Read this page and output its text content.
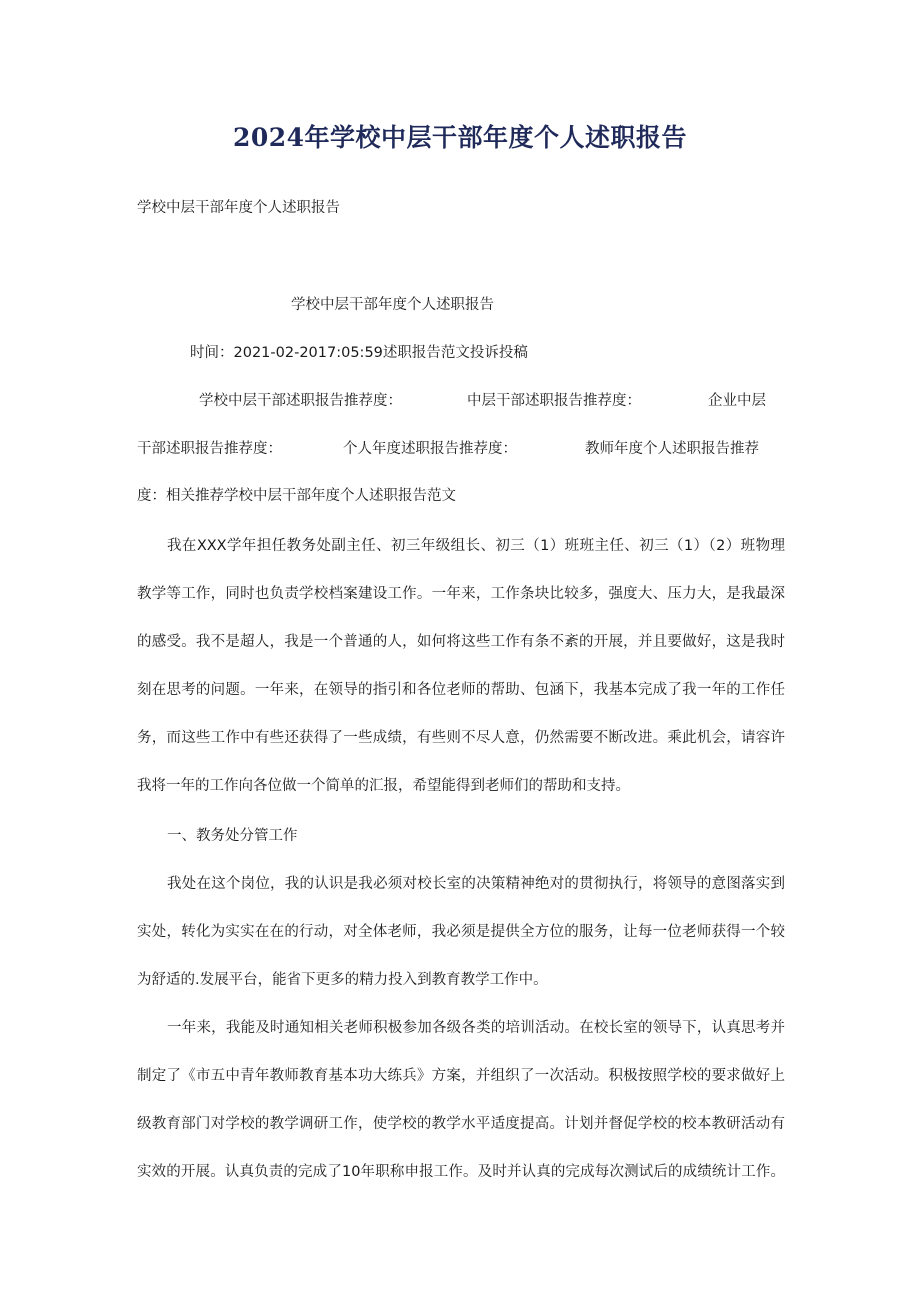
2024年学校中层干部年度个人述职报告
学校中层干部年度个人述职报告
学校中层干部年度个人述职报告
时间：2021-02-2017:05:59述职报告范文投诉投稿
学校中层干部述职报告推荐度：	中层干部述职报告推荐度：	企业中层
干部述职报告推荐度：	个人年度述职报告推荐度：	教师年度个人述职报告推荐
度：相关推荐学校中层干部年度个人述职报告范文
我在XXX学年担任教务处副主任、初三年级组长、初三（1）班班主任、初三（1）（2）班物理
教学等工作，同时也负责学校档案建设工作。一年来，工作条块比较多，强度大、压力大，是我最深
的感受。我不是超人，我是一个普通的人，如何将这些工作有条不紊的开展，并且要做好，这是我时
刻在思考的问题。一年来，在领导的指引和各位老师的帮助、包涵下，我基本完成了我一年的工作任
务，而这些工作中有些还获得了一些成绩，有些则不尽人意，仍然需要不断改进。乘此机会，请容许
我将一年的工作向各位做一个简单的汇报，希望能得到老师们的帮助和支持。
一、教务处分管工作
我处在这个岗位，我的认识是我必须对校长室的决策精神绝对的贯彻执行，将领导的意图落实到
实处，转化为实实在在的行动，对全体老师，我必须是提供全方位的服务，让每一位老师获得一个较
为舒适的.发展平台，能省下更多的精力投入到教育教学工作中。
一年来，我能及时通知相关老师积极参加各级各类的培训活动。在校长室的领导下，认真思考并
制定了《市五中青年教师教育基本功大练兵》方案，并组织了一次活动。积极按照学校的要求做好上
级教育部门对学校的教学调研工作，使学校的教学水平适度提高。计划并督促学校的校本教研活动有
实效的开展。认真负责的完成了10年职称申报工作。及时并认真的完成每次测试后的成绩统计工作。
